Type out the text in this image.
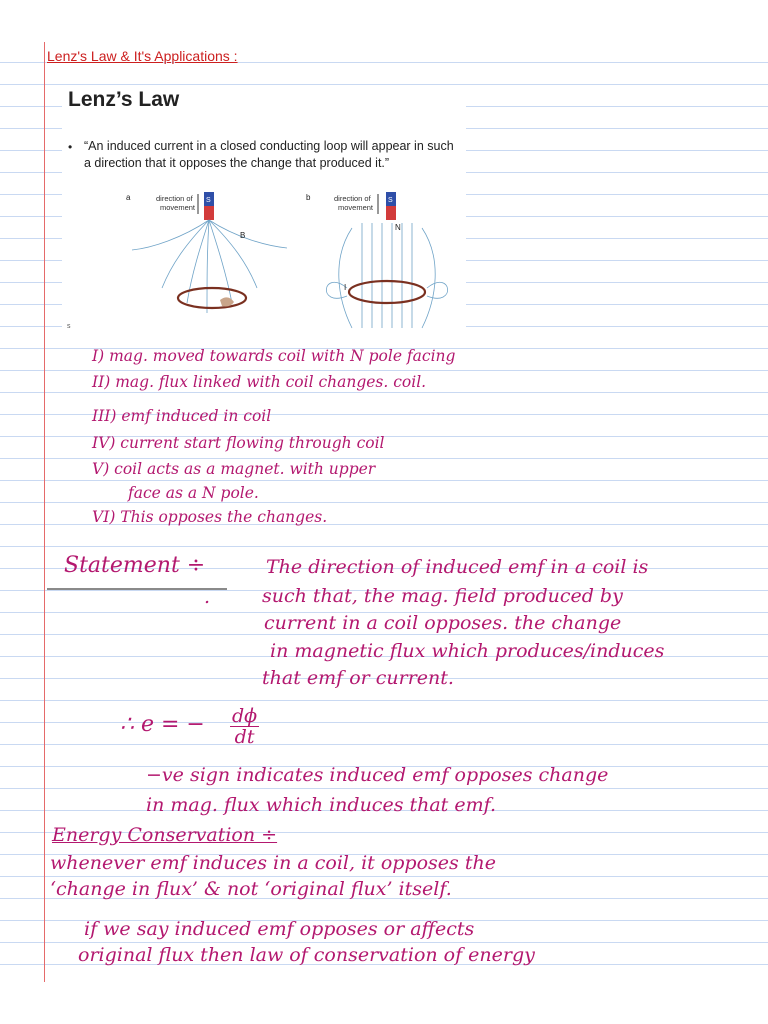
Lenz's Law & It's Applications :
Lenz’s Law
• “An induced current in a closed conducting loop will appear in such a direction that it opposes the change that produced it.”
a	direction of
movement
S
B
b	direction of
movement
S
N
I
s

I) mag. moved towards coil with N pole facing

II) mag. flux linked with coil changes. coil.

III) emf induced in coil

IV) current start flowing through coil

V) coil acts as a magnet. with upper

face as a N pole.

VI) This opposes the changes.

Statement ÷

.

The direction of induced emf in a coil is

such that, the mag. field produced by

current in a coil opposes. the change

in magnetic flux which produces/induces

that emf or current.

∴ e = − $\frac{d\phi}{dt}$

−ve sign indicates induced emf opposes change

in mag. flux which induces that emf.

Energy Conservation ÷

whenever emf induces in a coil, it opposes the

‘change in flux’ & not ‘original flux’ itself.

if we say induced emf opposes or affects

original flux then law of conservation of energy
